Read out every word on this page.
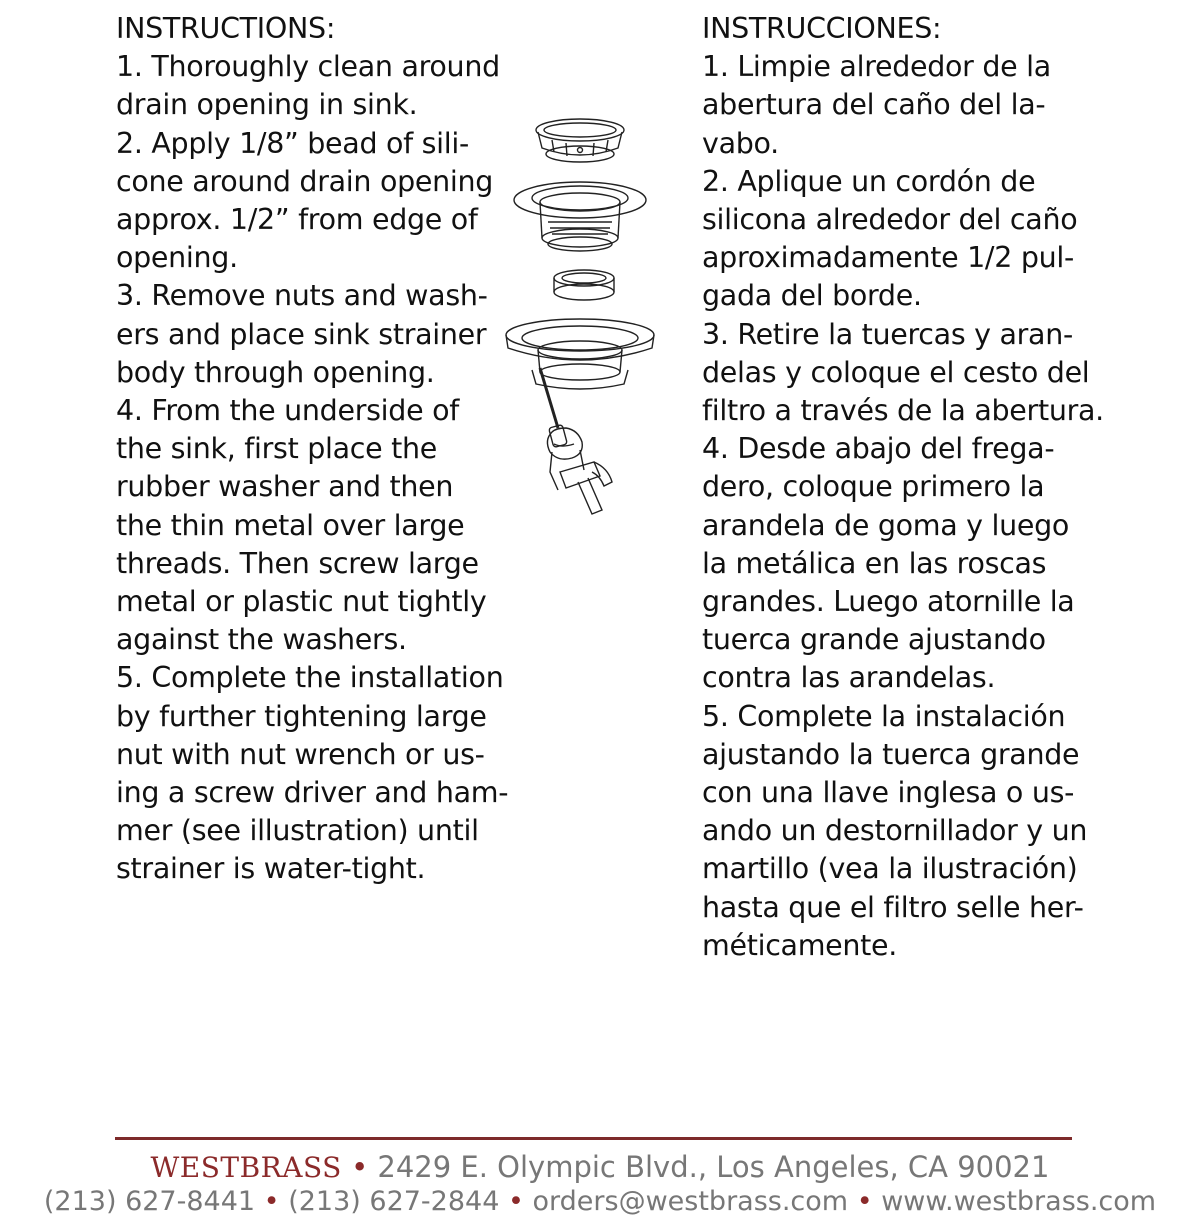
INSTRUCTIONS:
1. Thoroughly clean around
drain opening in sink.
2. Apply 1/8” bead of sili-
cone around drain opening
approx. 1/2” from edge of
opening.
3. Remove nuts and wash-
ers and place sink strainer
body through opening.
4. From the underside of
the sink, first place the
rubber washer and then
the thin metal over large
threads. Then screw large
metal or plastic nut tightly
against the washers.
5. Complete the installation
by further tightening large
nut with nut wrench or us-
ing a screw driver and ham-
mer (see illustration) until
strainer is water-tight.
INSTRUCCIONES:
1. Limpie alrededor de la
abertura del caño del la-
vabo.
2. Aplique un cordón de
silicona alrededor del caño
aproximadamente 1/2 pul-
gada del borde.
3. Retire la tuercas y aran-
delas y coloque el cesto del
filtro a través de la abertura.
4. Desde abajo del frega-
dero, coloque primero la
arandela de goma y luego
la metálica en las roscas
grandes. Luego atornille la
tuerca grande ajustando
contra las arandelas.
5. Complete la instalación
ajustando la tuerca grande
con una llave inglesa o us-
ando un destornillador y un
martillo (vea la ilustración)
hasta que el filtro selle her-
méticamente.
WESTBRASS • 2429 E. Olympic Blvd., Los Angeles, CA 90021
(213) 627-8441 • (213) 627-2844 • orders@westbrass.com • www.westbrass.com
